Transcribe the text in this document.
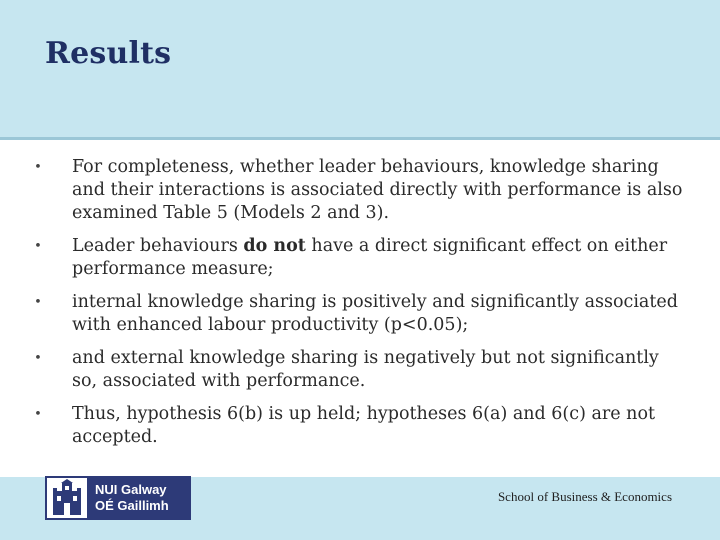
Results
•	For completeness, whether leader behaviours, knowledge sharing and their interactions is associated directly with performance is also examined Table 5 (Models 2 and 3).
•	Leader behaviours do not have a direct significant effect on either performance measure;
•	internal knowledge sharing is positively and significantly associated with enhanced labour productivity (p<0.05);
•	and external knowledge sharing is negatively but not significantly so, associated with performance.
•	Thus, hypothesis 6(b) is up held; hypotheses 6(a) and 6(c) are not accepted.
NUI Galway
OÉ Gaillimh
School of Business & Economics
